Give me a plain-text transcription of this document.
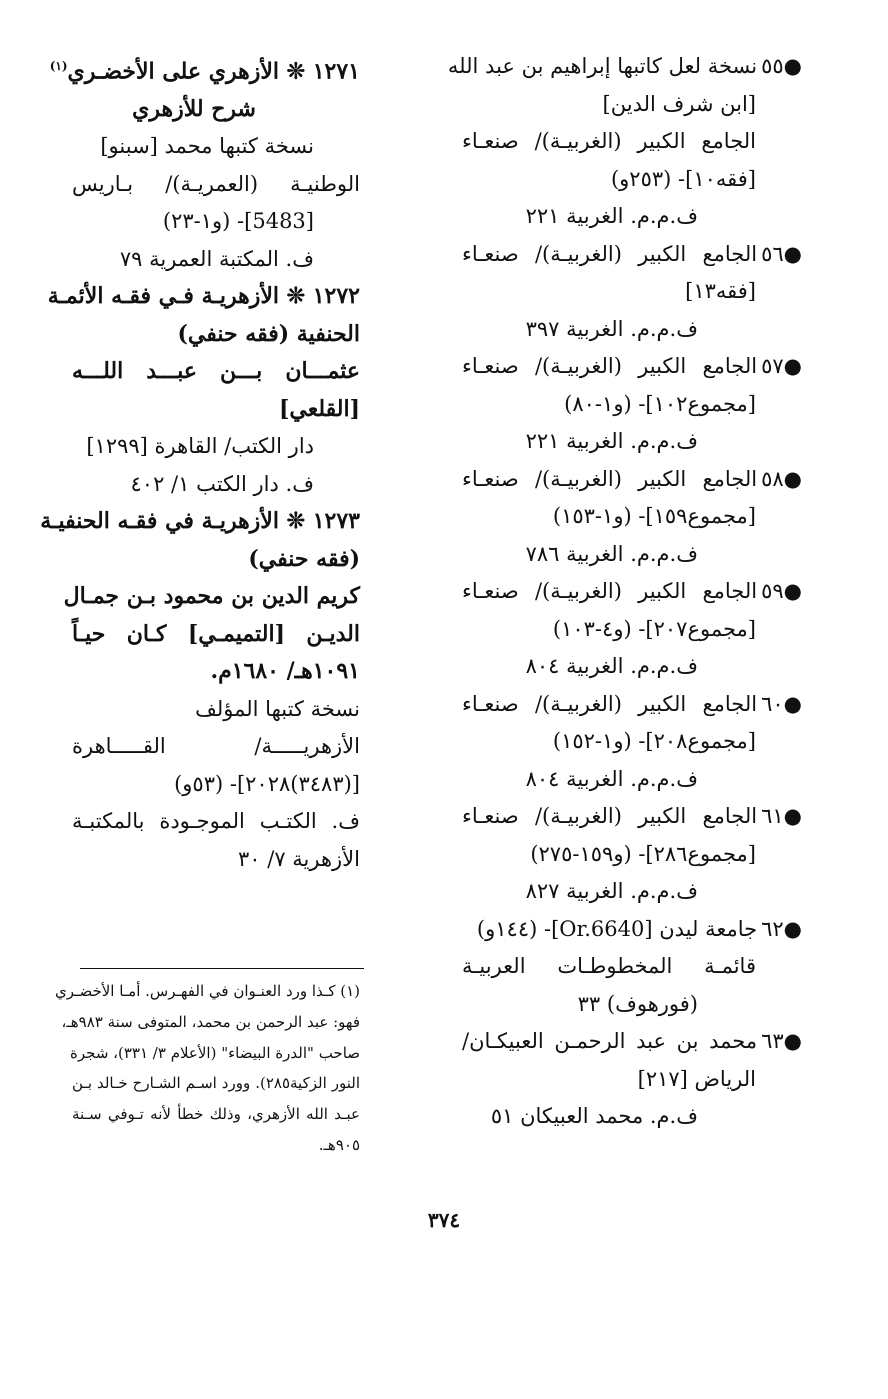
●٥٥نسخة لعل كاتبها إبراهيم بن عبد الله
[ابن شرف الدين]
الجامع الكبير (الغربيـة)/ صنعـاء
[فقه١٠]- (٢٥٣و)
ف.م.م. الغربية ٢٢١
●٥٦الجامع الكبير (الغربيـة)/ صنعـاء
[فقه١٣]
ف.م.م. الغربية ٣٩٧
●٥٧الجامع الكبير (الغربيـة)/ صنعـاء
[مجموع١٠٢]- (و١-٨٠)
ف.م.م. الغربية ٢٢١
●٥٨الجامع الكبير (الغربيـة)/ صنعـاء
[مجموع١٥٩]- (و١-١٥٣)
ف.م.م. الغربية ٧٨٦
●٥٩الجامع الكبير (الغربيـة)/ صنعـاء
[مجموع٢٠٧]- (و٤-١٠٣)
ف.م.م. الغربية ٨٠٤
●٦٠الجامع الكبير (الغربيـة)/ صنعـاء
[مجموع٢٠٨]- (و١-١٥٢)
ف.م.م. الغربية ٨٠٤
●٦١الجامع الكبير (الغربيـة)/ صنعـاء
[مجموع٢٨٦]- (و١٥٩-٢٧٥)
ف.م.م. الغربية ٨٢٧
●٦٢جامعة ليدن [Or.6640]- (١٤٤و)
قائمـة المخطوطـات العربيـة
(فورهوف) ٣٣
●٦٣محمد بن عبد الرحمـن العبيكـان/
الرياض [٢١٧]
ف.م. محمد العبيكان ٥١
١٢٧١ ❊ الأزهري على الأخضـري$^{(١)}$
شرح للأزهري
نسخة كتبها محمد [سبنو]
الوطنيـة (العمريـة)/ بـاريس
[5483]- (و١-٢٣)
ف. المكتبة العمرية ٧٩
١٢٧٢ ❊ الأزهريـة فـي فقـه الأئمـة
الحنفية (فقه حنفي)
عثمـــان بـــن عبـــد اللـــه
[القلعي]
دار الكتب/ القاهرة [١٢٩٩]
ف. دار الكتب ١/ ٤٠٢
١٢٧٣ ❊ الأزهريـة في فقـه الحنفيـة
(فقه حنفي)
كريم الدين بن محمود بـن جمـال
الديـن [التميمـي] كـان حيـاً
١٠٩١هـ/ ١٦٨٠م.
نسخة كتبها المؤلف
الأزهريـــــة/ القـــــاهرة
[(٣٤٨٣)٢٠٢٨]- (٥٣و)
ف. الكتـب الموجـودة بالمكتبـة
الأزهرية ٧/ ٣٠
(١) كـذا ورد العنـوان في الفهـرس. أمـا الأخضـري
فهو: عبد الرحمن بن محمد، المتوفى سنة ٩٨٣هـ،
صاحب "الدرة البيضاء" (الأعلام ٣/ ٣٣١)، شجرة
النور الزكية٢٨٥). وورد اسـم الشـارح خـالد بـن
عبـد الله الأزهري، وذلك خطأ لأنه تـوفي سـنة
٩٠٥هـ.
٣٧٤
